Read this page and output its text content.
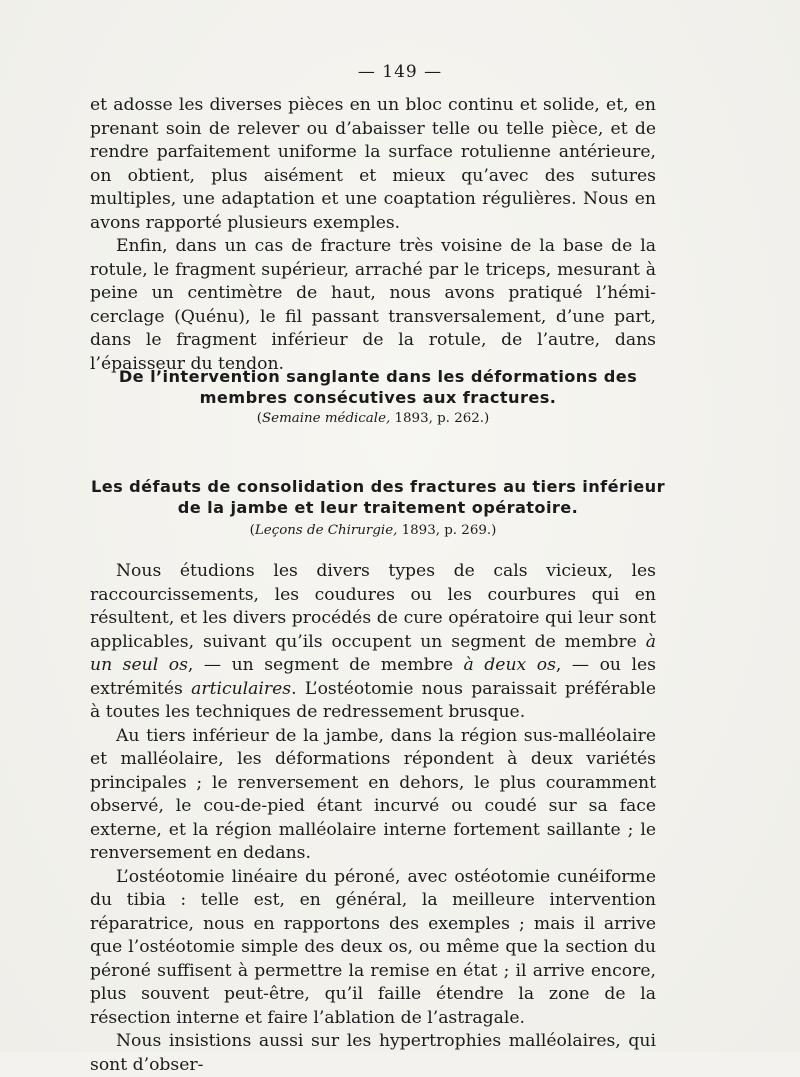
— 149 —

et adosse les diverses pièces en un bloc continu et solide, et, en prenant soin de relever ou d’abaisser telle ou telle pièce, et de rendre parfaitement uniforme la surface rotulienne antérieure, on obtient, plus aisément et mieux qu’avec des sutures multiples, une adaptation et une coaptation régulières. Nous en avons rapporté plusieurs exemples.

Enfin, dans un cas de fracture très voisine de la base de la rotule, le fragment supérieur, arraché par le triceps, mesurant à peine un centimètre de haut, nous avons pratiqué l’hémi-cerclage (Quénu), le fil passant transversalement, d’une part, dans le fragment inférieur de la rotule, de l’autre, dans l’épaisseur du tendon.

De l’intervention sanglante dans les déformations des membres consécutives aux fractures.
(Semaine médicale, 1893, p. 262.)
Les défauts de consolidation des fractures au tiers inférieur de la jambe et leur traitement opératoire.
(Leçons de Chirurgie, 1893, p. 269.)

Nous étudions les divers types de cals vicieux, les raccourcissements, les coudures ou les courbures qui en résultent, et les divers procédés de cure opératoire qui leur sont applicables, suivant qu’ils occupent un segment de membre à un seul os, — un segment de membre à deux os, — ou les extrémités articulaires. L’ostéotomie nous paraissait préférable à toutes les techniques de redressement brusque.

Au tiers inférieur de la jambe, dans la région sus-malléolaire et malléolaire, les déformations répondent à deux variétés principales ; le renversement en dehors, le plus couramment observé, le cou-de-pied étant incurvé ou coudé sur sa face externe, et la région malléolaire interne fortement saillante ; le renversement en dedans.

L’ostéotomie linéaire du péroné, avec ostéotomie cunéiforme du tibia : telle est, en général, la meilleure intervention réparatrice, nous en rapportons des exemples ; mais il arrive que l’ostéotomie simple des deux os, ou même que la section du péroné suffisent à permettre la remise en état ; il arrive encore, plus souvent peut-être, qu’il faille étendre la zone de la résection interne et faire l’ablation de l’astragale.

Nous insistions aussi sur les hypertrophies malléolaires, qui sont d’obser-
